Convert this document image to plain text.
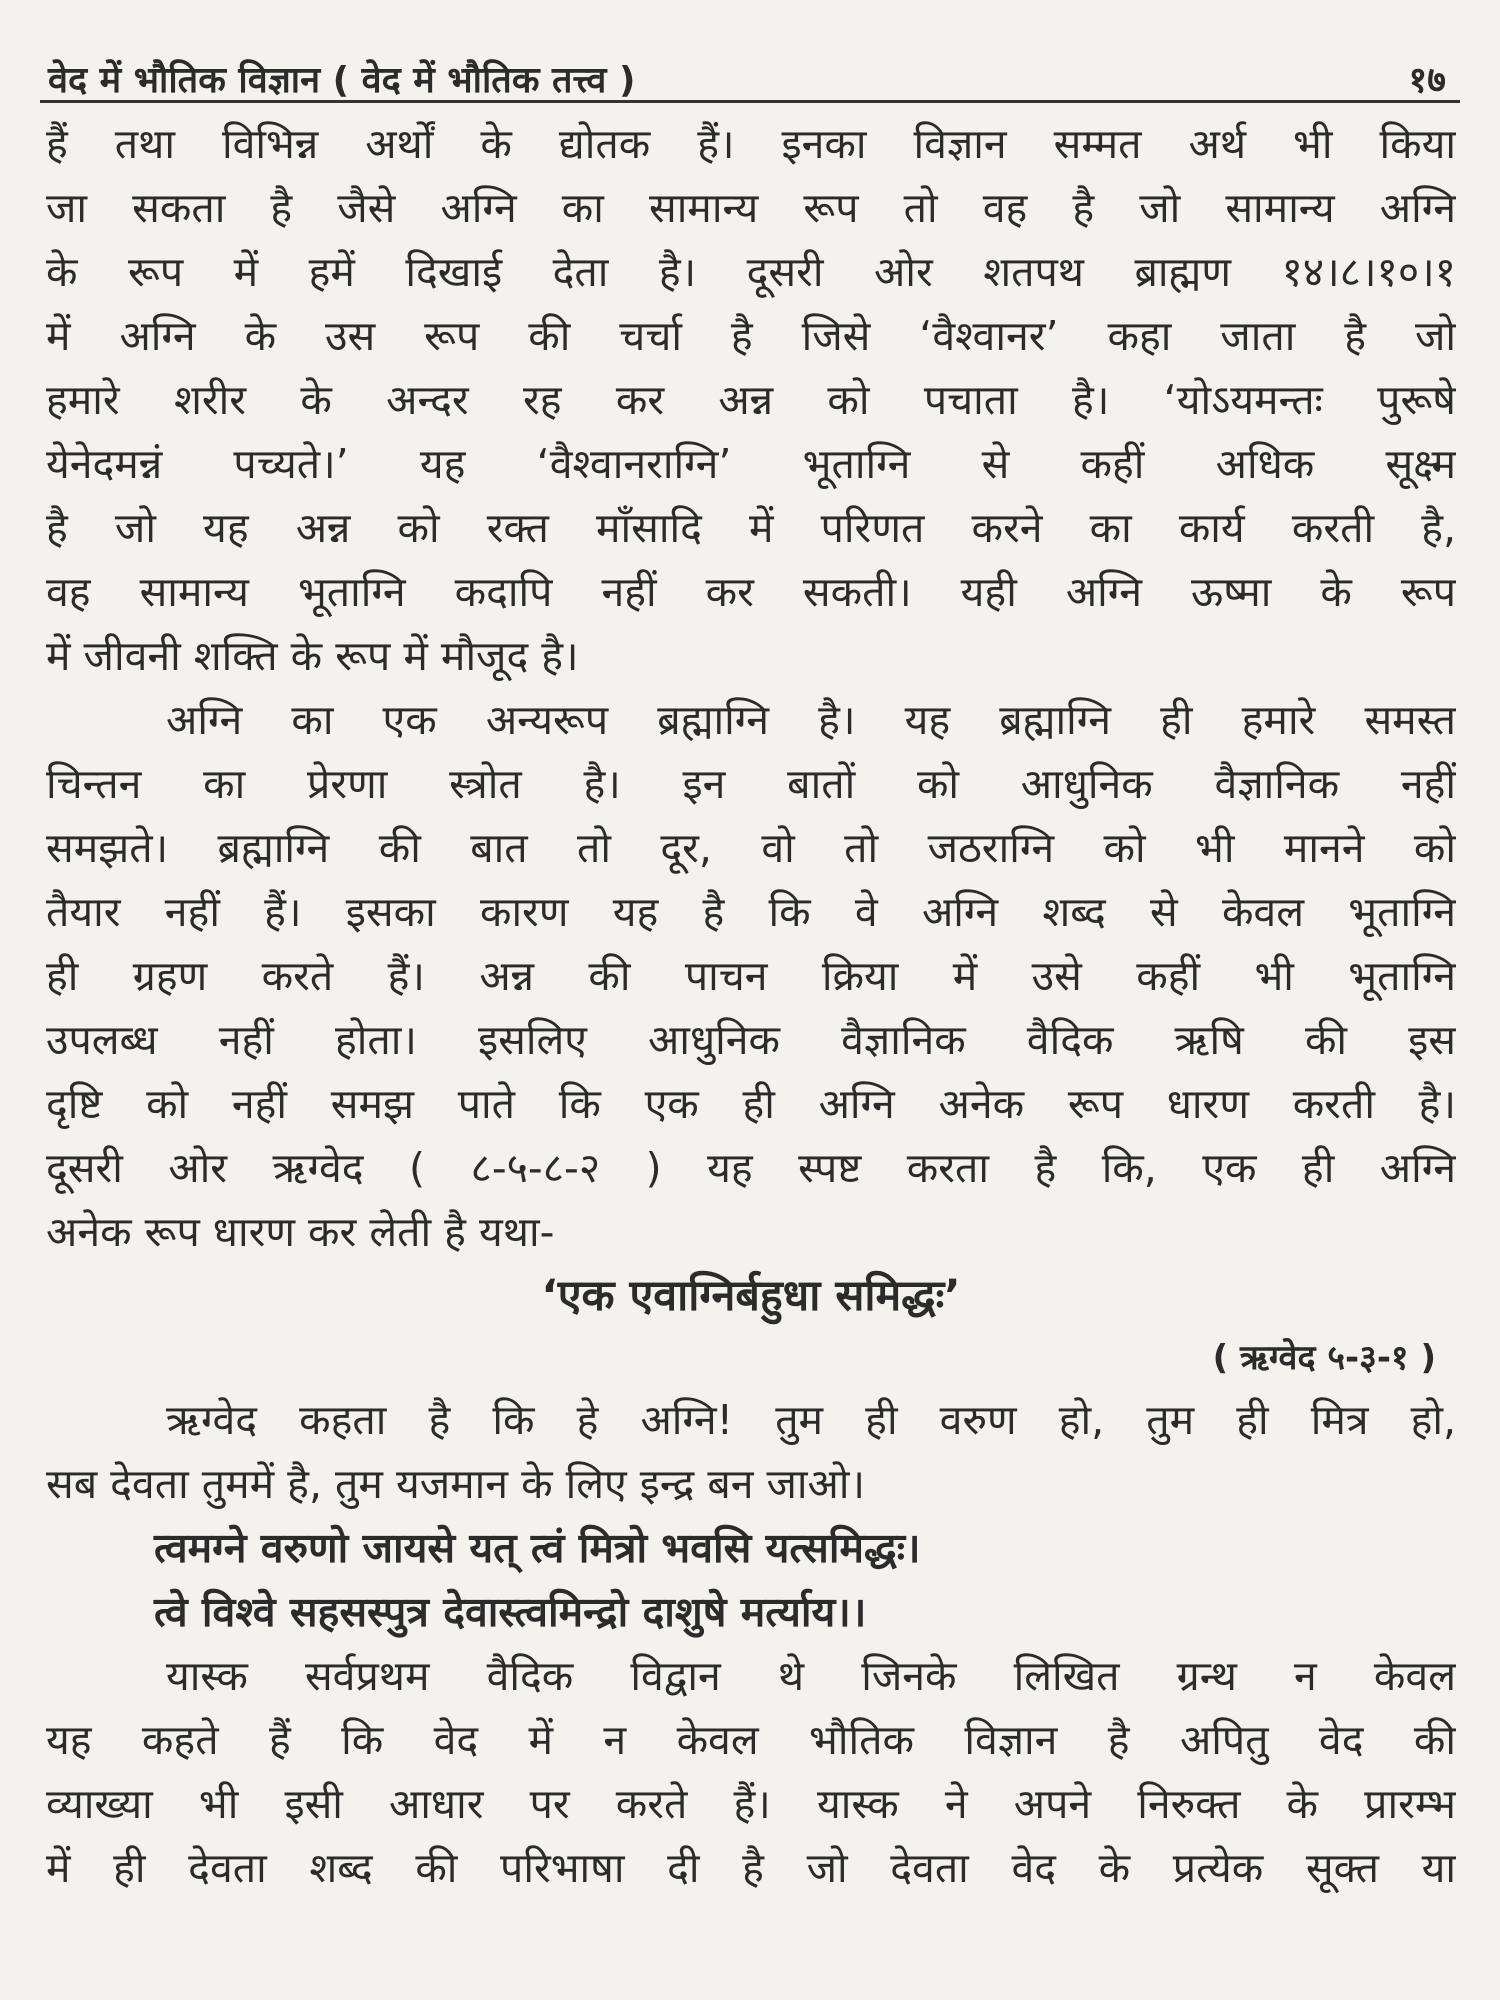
वेद में भौतिक विज्ञान ( वेद में भौतिक तत्त्व )	१७
हैं तथा विभिन्न अर्थों के द्योतक हैं। इनका विज्ञान सम्मत अर्थ भी किया
जा सकता है जैसे अग्नि का सामान्य रूप तो वह है जो सामान्य अग्नि
के रूप में हमें दिखाई देता है। दूसरी ओर शतपथ ब्राह्मण १४।८।१०।१
में अग्नि के उस रूप की चर्चा है जिसे ‘वैश्वानर’ कहा जाता है जो
हमारे शरीर के अन्दर रह कर अन्न को पचाता है। ‘योऽयमन्तः पुरूषे
येनेदमन्नं पच्यते।’ यह ‘वैश्वानराग्नि’ भूताग्नि से कहीं अधिक सूक्ष्म
है जो यह अन्न को रक्त माँसादि में परिणत करने का कार्य करती है,
वह सामान्य भूताग्नि कदापि नहीं कर सकती। यही अग्नि ऊष्मा के रूप
में जीवनी शक्ति के रूप में मौजूद है।
अग्नि का एक अन्यरूप ब्रह्माग्नि है। यह ब्रह्माग्नि ही हमारे समस्त
चिन्तन का प्रेरणा स्त्रोत है। इन बातों को आधुनिक वैज्ञानिक नहीं
समझते। ब्रह्माग्नि की बात तो दूर, वो तो जठराग्नि को भी मानने को
तैयार नहीं हैं। इसका कारण यह है कि वे अग्नि शब्द से केवल भूताग्नि
ही ग्रहण करते हैं। अन्न की पाचन क्रिया में उसे कहीं भी भूताग्नि
उपलब्ध नहीं होता। इसलिए आधुनिक वैज्ञानिक वैदिक ऋषि की इस
दृष्टि को नहीं समझ पाते कि एक ही अग्नि अनेक रूप धारण करती है।
दूसरी ओर ऋग्वेद ( ८-५-८-२ ) यह स्पष्ट करता है कि, एक ही अग्नि
अनेक रूप धारण कर लेती है यथा-
‘एक एवाग्निर्बहुधा समिद्धः’
( ऋग्वेद ५-३-१ )
ऋग्वेद कहता है कि हे अग्नि! तुम ही वरुण हो, तुम ही मित्र हो,
सब देवता तुममें है, तुम यजमान के लिए इन्द्र बन जाओ।
त्वमग्ने वरुणो जायसे यत् त्वं मित्रो भवसि यत्समिद्धः।
त्वे विश्वे सहसस्पुत्र देवास्त्वमिन्द्रो दाशुषे मर्त्याय।।
यास्क सर्वप्रथम वैदिक विद्वान थे जिनके लिखित ग्रन्थ न केवल
यह कहते हैं कि वेद में न केवल भौतिक विज्ञान है अपितु वेद की
व्याख्या भी इसी आधार पर करते हैं। यास्क ने अपने निरुक्त के प्रारम्भ
में ही देवता शब्द की परिभाषा दी है जो देवता वेद के प्रत्येक सूक्त या
